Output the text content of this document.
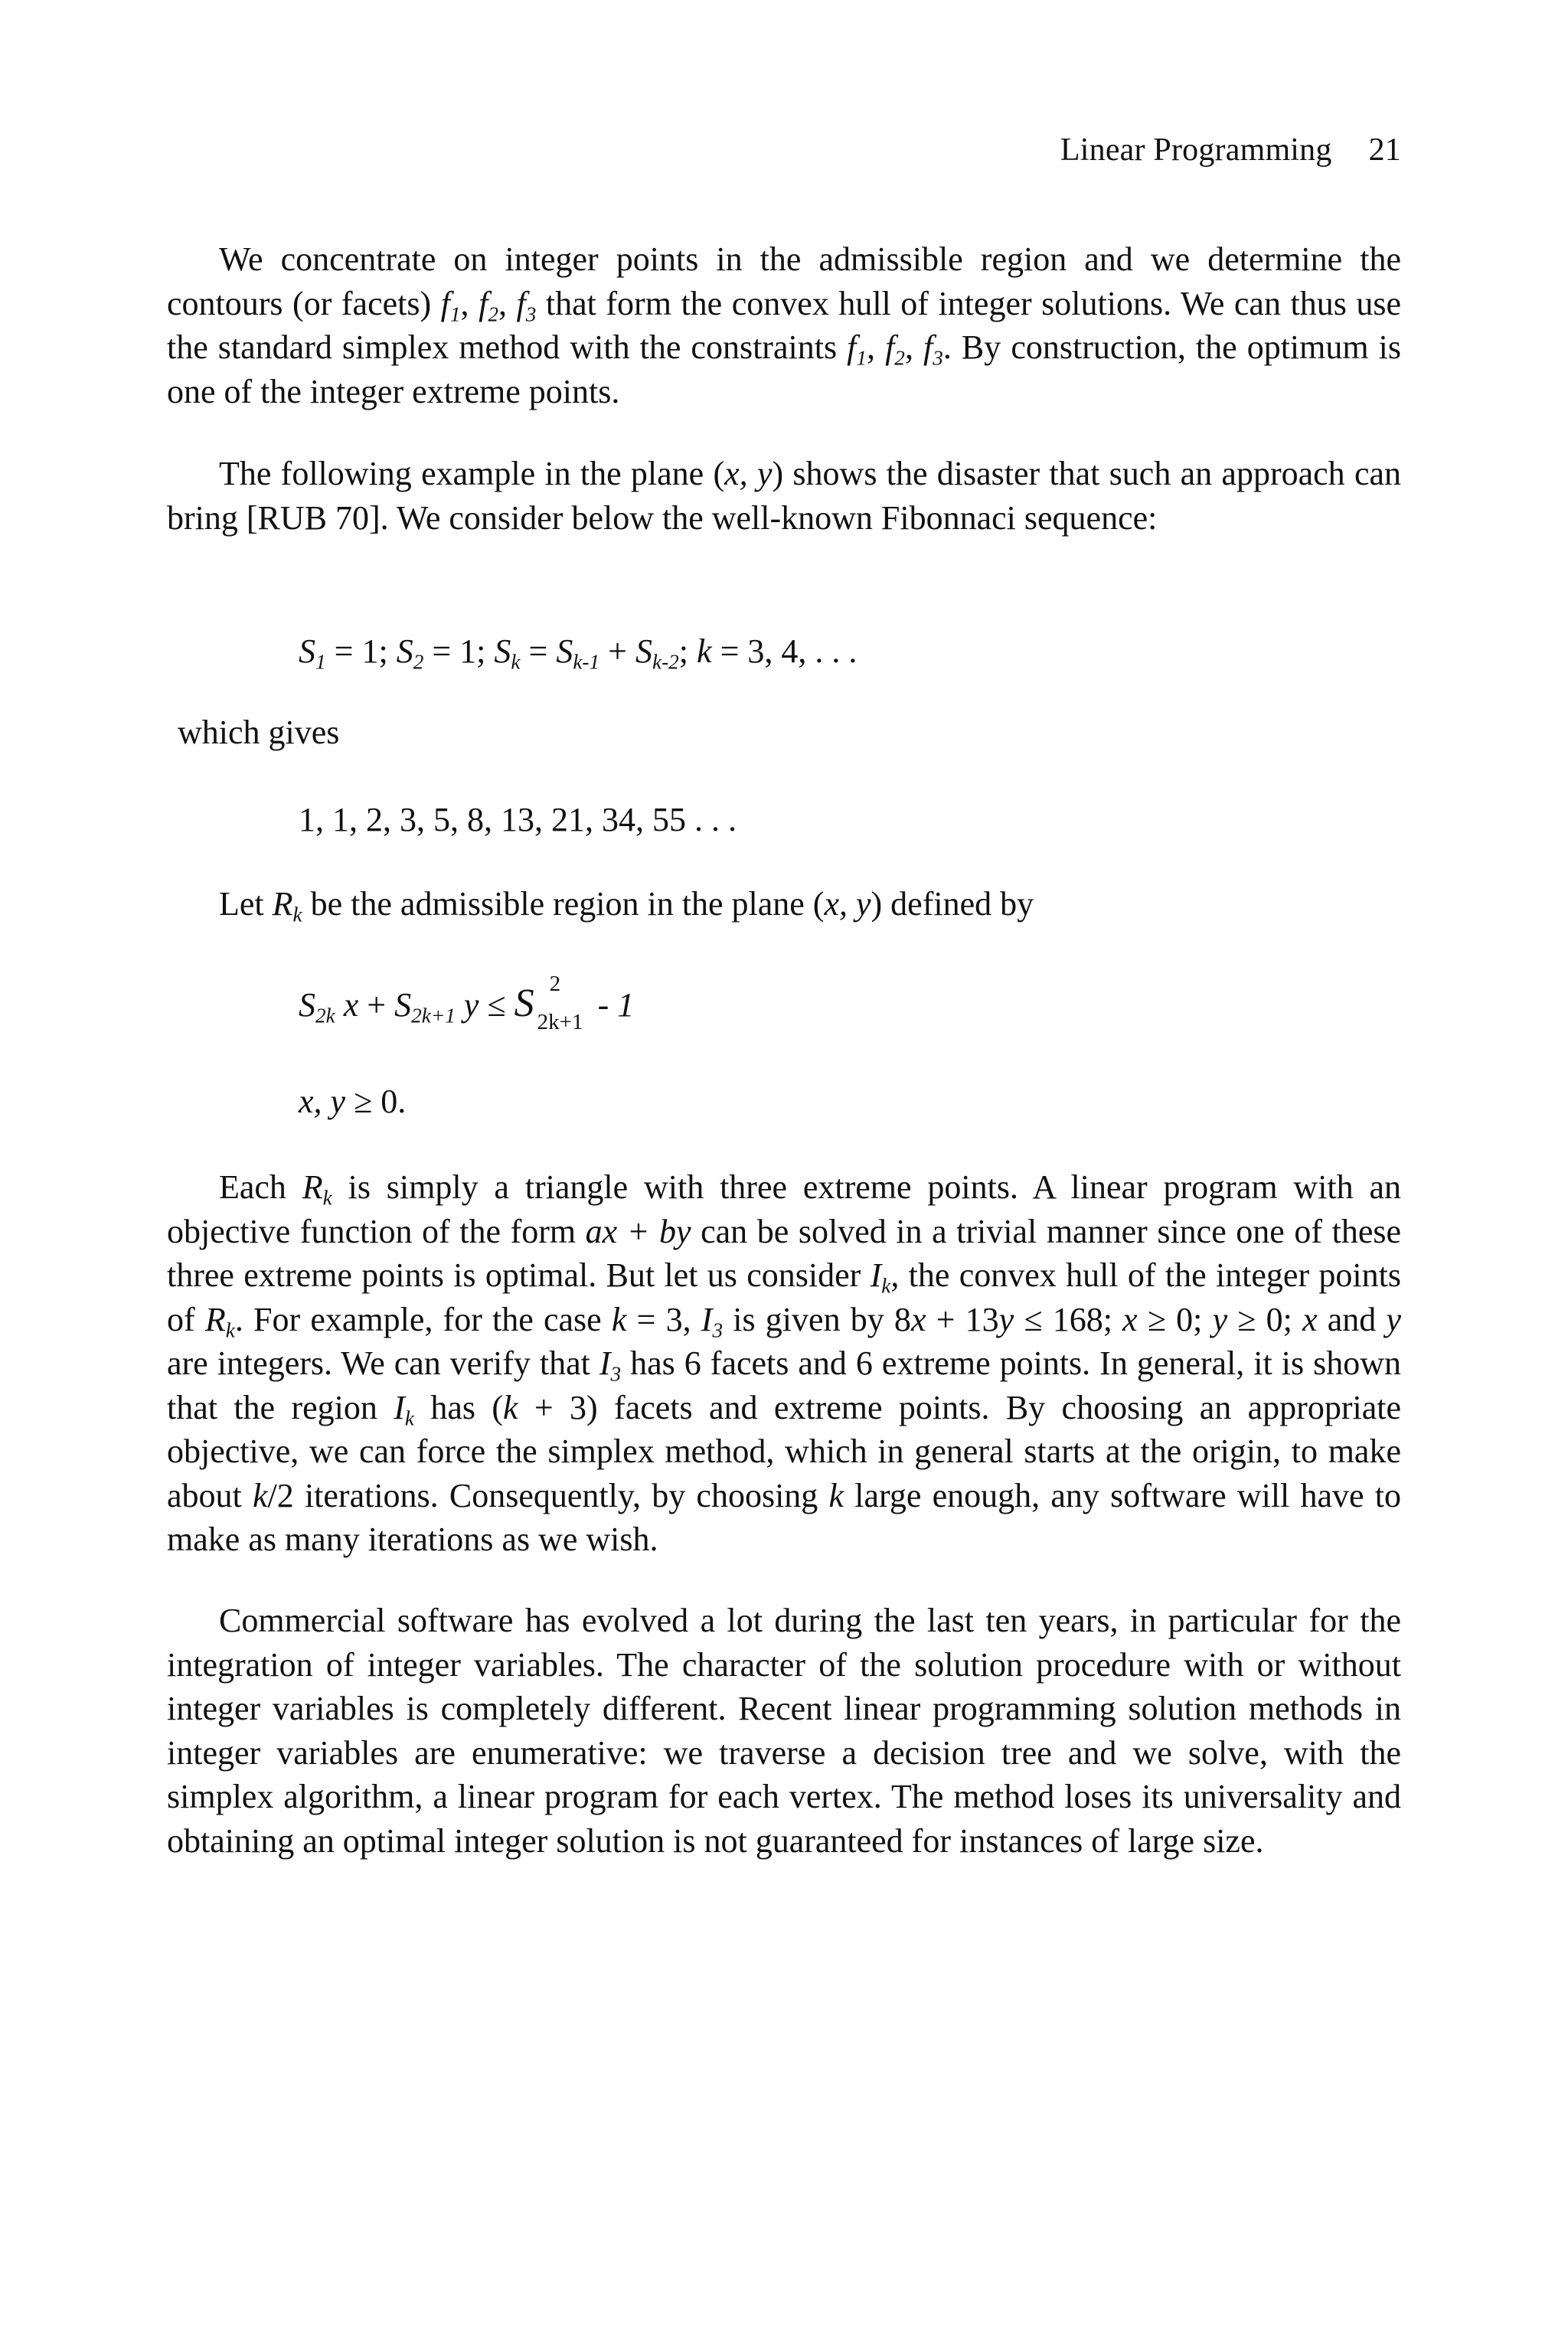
Linear Programming 21

We concentrate on integer points in the admissible region and we determine the contours (or facets) $f_1$, $f_2$, $f_3$ that form the convex hull of integer solutions. We can thus use the standard simplex method with the constraints $f_1$, $f_2$, $f_3$. By construction, the optimum is one of the integer extreme points.

The following example in the plane (x, y) shows the disaster that such an approach can bring [RUB 70]. We consider below the well-known Fibonnaci sequence:

$S_1 = 1$; $S_2 = 1$; $S_k = S_{k-1} + S_{k-2}$; k = 3, 4, . . .

which gives

1, 1, 2, 3, 5, 8, 13, 21, 34, 55 . . .

Let $R_k$ be the admissible region in the plane (x, y) defined by

$S_{2k}$ $x + S_{2k+1}$ y ≤ S 2
2k+1 - 1

x, y ≥ 0.

Each $R_k$ is simply a triangle with three extreme points. A linear program with an objective function of the form ax + by can be solved in a trivial manner since one of these three extreme points is optimal. But let us consider $I_k$, the convex hull of the integer points of $R_k$. For example, for the case k = 3, $I_3$ is given by 8x + 13y ≤ 168; x ≥ 0; y ≥ 0; x and y are integers. We can verify that $I_3$ has 6 facets and 6 extreme points. In general, it is shown that the region $I_k$ has (k + 3) facets and extreme points. By choosing an appropriate objective, we can force the simplex method, which in general starts at the origin, to make about k/2 iterations. Consequently, by choosing k large enough, any software will have to make as many iterations as we wish.

Commercial software has evolved a lot during the last ten years, in particular for the integration of integer variables. The character of the solution procedure with or without integer variables is completely different. Recent linear programming solution methods in integer variables are enumerative: we traverse a decision tree and we solve, with the simplex algorithm, a linear program for each vertex. The method loses its universality and obtaining an optimal integer solution is not guaranteed for instances of large size.
